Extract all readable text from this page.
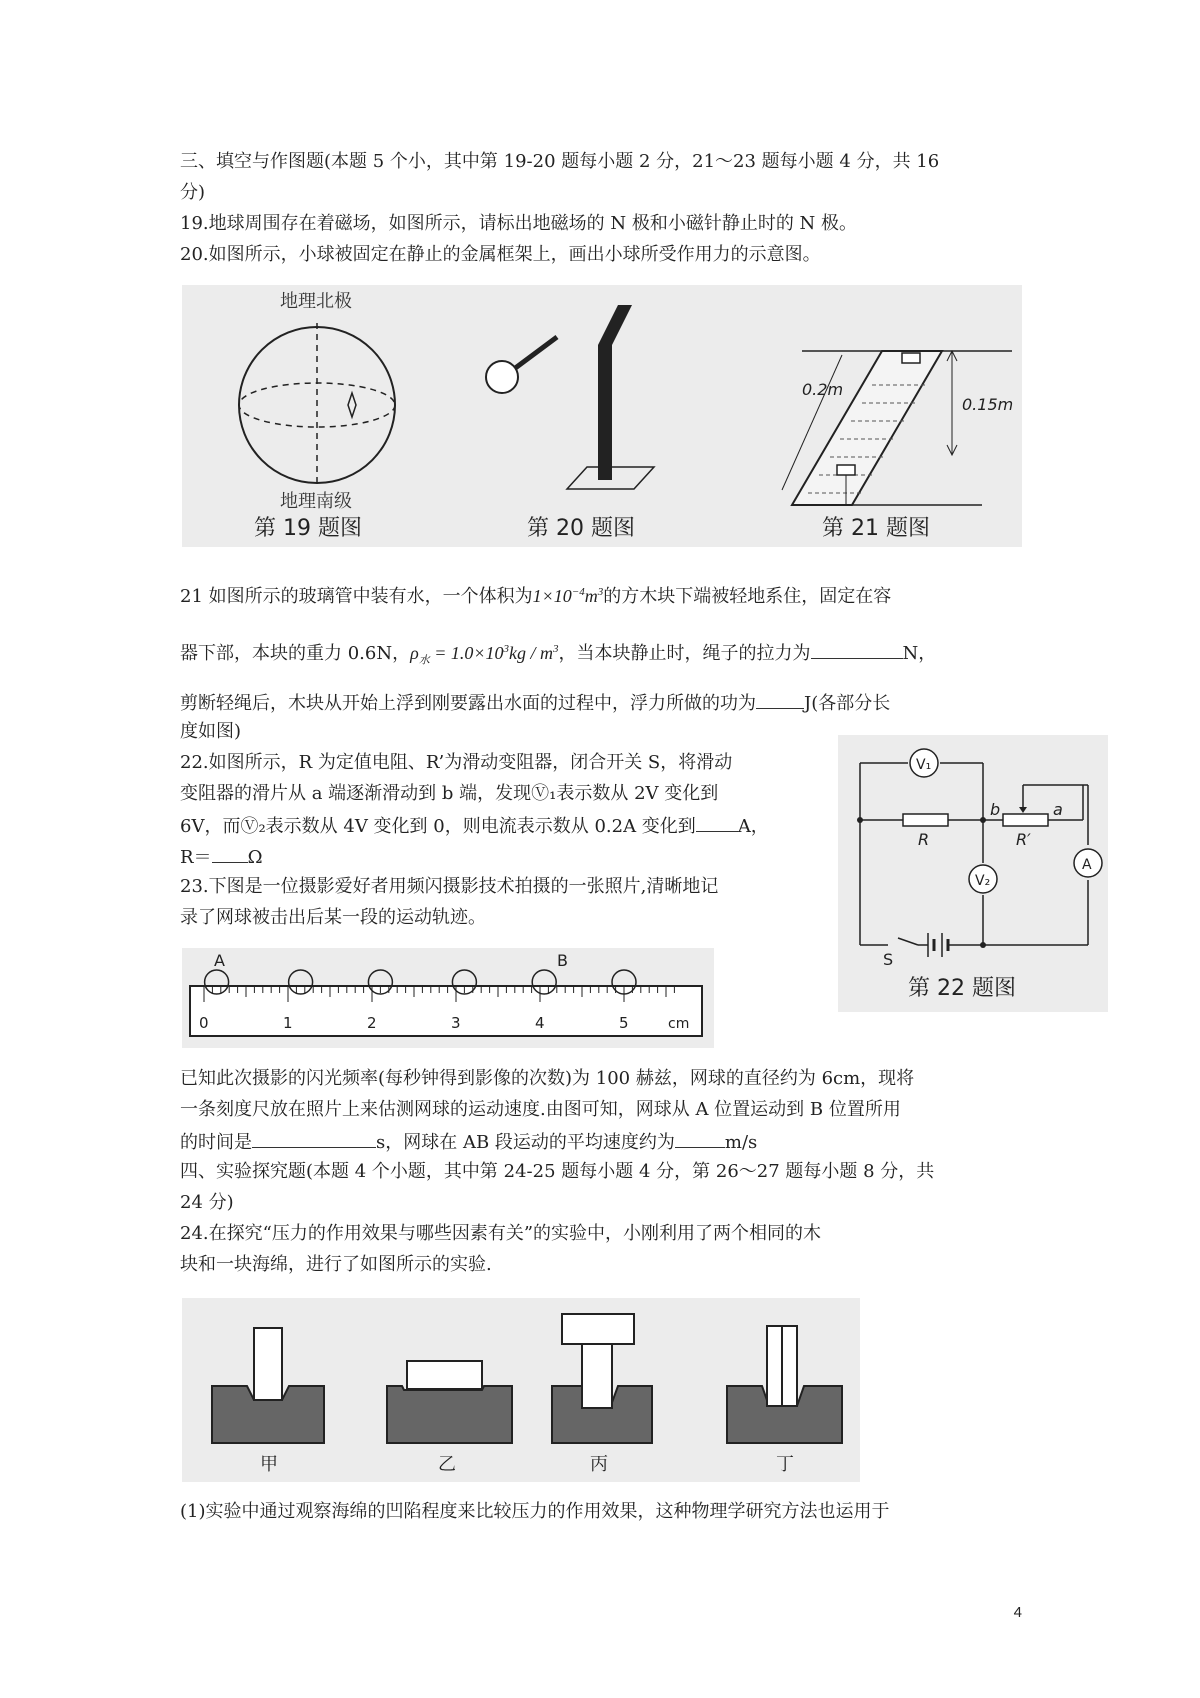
三、填空与作图题(本题 5 个小，其中第 19-20 题每小题 2 分，21～23 题每小题 4 分，共 16
分)
19.地球周围存在着磁场，如图所示，请标出地磁场的 N 极和小磁针静止时的 N 极。
20.如图所示，小球被固定在静止的金属框架上，画出小球所受作用力的示意图。
地理北极
地理南级
第 19 题图	第 20 题图
0.2m
0.15m
第 21 题图
21 如图所示的玻璃管中装有水，一个体积为$1\times 10^{-4}m^3$的方木块下端被轻地系住，固定在容
器下部，本块的重力 0.6N，$\rho_水 = 1.0\times 10^3kg / m^3$，当本块静止时，绳子的拉力为	N，
剪断轻绳后，木块从开始上浮到刚要露出水面的过程中，浮力所做的功为	J(各部分长
度如图)
22.如图所示，R 为定值电阻、R’为滑动变阻器，闭合开关 S，将滑动
变阻器的滑片从 a 端逐渐滑动到 b 端，发现Ⓥ₁表示数从 2V 变化到
6V，而Ⓥ₂表示数从 4V 变化到 0，则电流表示数从 0.2A 变化到 A，
R＝ Ω
V₁
V₂
A
R	R′
b	a
S
第 22 题图
23.下图是一位摄影爱好者用频闪摄影技术拍摄的一张照片,清晰地记
录了网球被击出后某一段的运动轨迹。
A	B
0	1	2	3	4	5	cm
已知此次摄影的闪光频率(每秒钟得到影像的次数)为 100 赫兹，网球的直径约为 6cm，现将
一条刻度尺放在照片上来估测网球的运动速度.由图可知，网球从 A 位置运动到 B 位置所用
的时间是	s，网球在 AB 段运动的平均速度约为	m/s
四、实验探究题(本题 4 个小题，其中第 24-25 题每小题 4 分，第 26～27 题每小题 8 分，共
24 分)
24.在探究“压力的作用效果与哪些因素有关”的实验中，小刚利用了两个相同的木
块和一块海绵，进行了如图所示的实验.
甲	乙	丙	丁
(1)实验中通过观察海绵的凹陷程度来比较压力的作用效果，这种物理学研究方法也运用于
4
